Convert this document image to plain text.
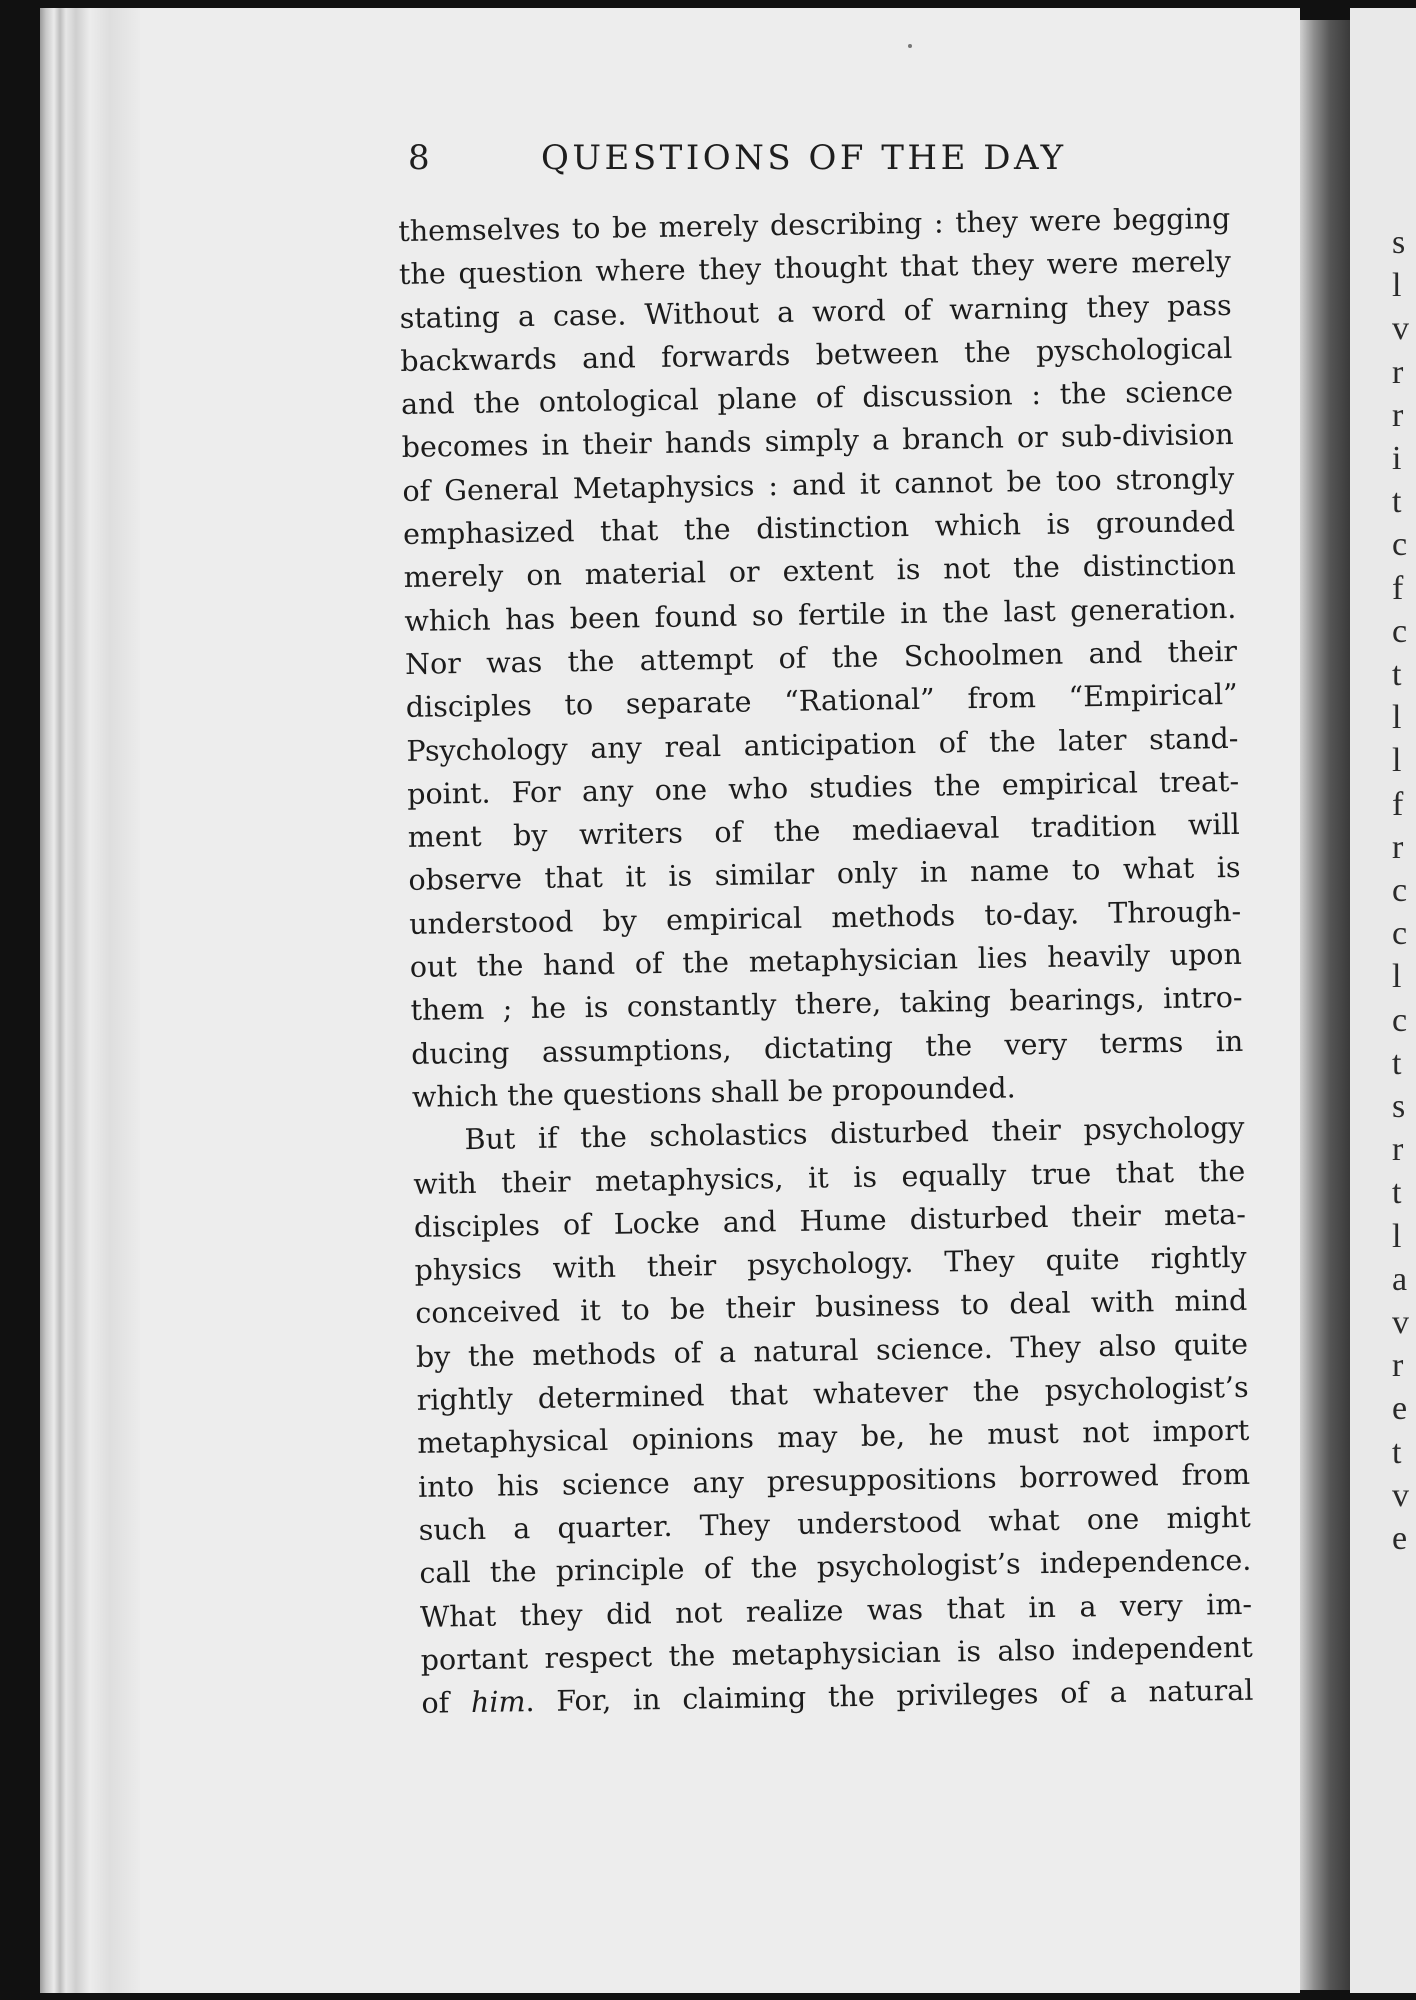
s
l
v
r
r
i
t
c
f
c
t
l
l
f
r
c
c
l
c
t
s
r
t
l
a
v
r
e
t
v
e
8	QUESTIONS OF THE DAY
themselves to be merely describing : they were begging
the question where they thought that they were merely
stating a case. Without a word of warning they pass
backwards and forwards between the pyschological
and the ontological plane of discussion : the science
becomes in their hands simply a branch or sub-division
of General Metaphysics : and it cannot be too strongly
emphasized that the distinction which is grounded
merely on material or extent is not the distinction
which has been found so fertile in the last generation.
Nor was the attempt of the Schoolmen and their
disciples to separate “Rational” from “Empirical”
Psychology any real anticipation of the later stand-
point. For any one who studies the empirical treat-
ment by writers of the mediaeval tradition will
observe that it is similar only in name to what is
understood by empirical methods to-day. Through-
out the hand of the metaphysician lies heavily upon
them ; he is constantly there, taking bearings, intro-
ducing assumptions, dictating the very terms in
which the questions shall be propounded.
But if the scholastics disturbed their psychology
with their metaphysics, it is equally true that the
disciples of Locke and Hume disturbed their meta-
physics with their psychology. They quite rightly
conceived it to be their business to deal with mind
by the methods of a natural science. They also quite
rightly determined that whatever the psychologist’s
metaphysical opinions may be, he must not import
into his science any presuppositions borrowed from
such a quarter. They understood what one might
call the principle of the psychologist’s independence.
What they did not realize was that in a very im-
portant respect the metaphysician is also independent
of him. For, in claiming the privileges of a natural
